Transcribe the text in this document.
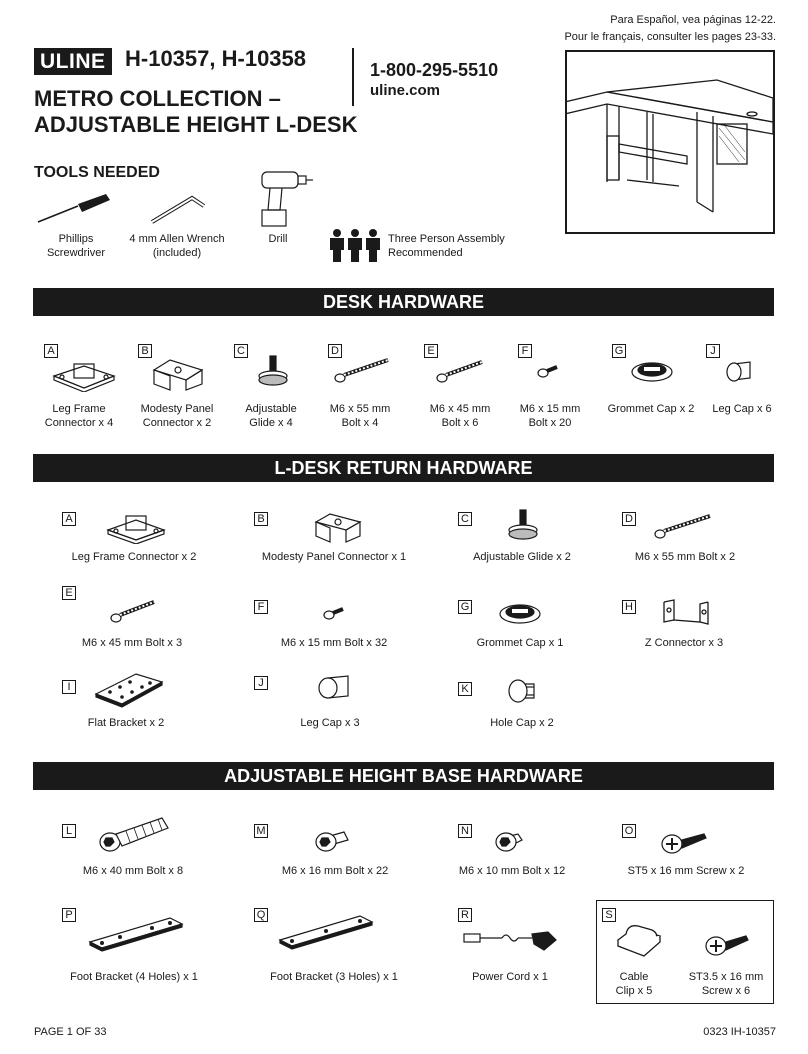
Para Español, vea páginas 12-22.
Pour le français, consulter les pages 23-33.
ULINE H-10357, H-10358	1-800-295-5510
uline.com
METRO COLLECTION –
ADJUSTABLE HEIGHT L-DESK
TOOLS NEEDED
Phillips
Screwdriver
4 mm Allen Wrench
(included)
Drill	Three Person Assembly
Recommended
DESK HARDWARE
A
Leg Frame
Connector x 4
B
Modesty Panel
Connector x 2
C
Adjustable
Glide x 4
D
M6 x 55 mm
Bolt x 4
E
M6 x 45 mm
Bolt x 6
F
M6 x 15 mm
Bolt x 20
G
Grommet Cap x 2
J
Leg Cap x 6
L-DESK RETURN HARDWARE
A
Leg Frame Connector x 2
B
Modesty Panel Connector x 1
C
Adjustable Glide x 2
D
M6 x 55 mm Bolt x 2
E
M6 x 45 mm Bolt x 3
F
M6 x 15 mm Bolt x 32
G
Grommet Cap x 1
H
Z Connector x 3
I
Flat Bracket x 2
J
Leg Cap x 3
K
Hole Cap x 2
ADJUSTABLE HEIGHT BASE HARDWARE
L
M6 x 40 mm Bolt x 8
M
M6 x 16 mm Bolt x 22
N
M6 x 10 mm Bolt x 12
O
ST5 x 16 mm Screw x 2
P
Foot Bracket (4 Holes) x 1
Q
Foot Bracket (3 Holes) x 1
R
Power Cord x 1
S
Cable
Clip x 5
ST3.5 x 16 mm
Screw x 6
PAGE 1 OF 33	0323 IH-10357
